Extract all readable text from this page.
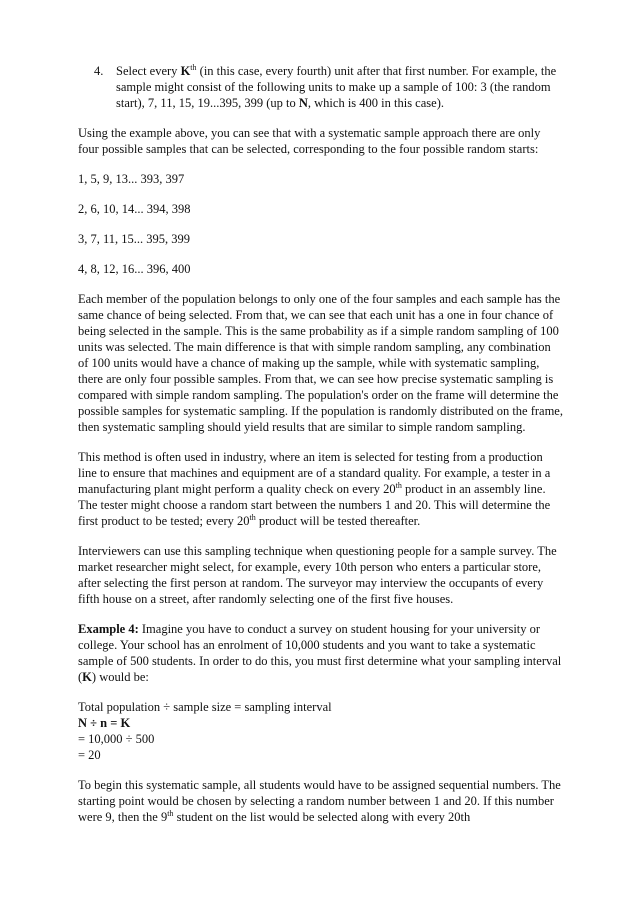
4. Select every $K^{th}$ (in this case, every fourth) unit after that first number. For example, the sample might consist of the following units to make up a sample of 100: 3 (the random start), 7, 11, 15, 19...395, 399 (up to N, which is 400 in this case).

Using the example above, you can see that with a systematic sample approach there are only four possible samples that can be selected, corresponding to the four possible random starts:

1, 5, 9, 13... 393, 397

2, 6, 10, 14... 394, 398

3, 7, 11, 15... 395, 399

4, 8, 12, 16... 396, 400

Each member of the population belongs to only one of the four samples and each sample has the same chance of being selected. From that, we can see that each unit has a one in four chance of being selected in the sample. This is the same probability as if a simple random sampling of 100 units was selected. The main difference is that with simple random sampling, any combination of 100 units would have a chance of making up the sample, while with systematic sampling, there are only four possible samples. From that, we can see how precise systematic sampling is compared with simple random sampling. The population's order on the frame will determine the possible samples for systematic sampling. If the population is randomly distributed on the frame, then systematic sampling should yield results that are similar to simple random sampling.

This method is often used in industry, where an item is selected for testing from a production line to ensure that machines and equipment are of a standard quality. For example, a tester in a manufacturing plant might perform a quality check on every 20th product in an assembly line. The tester might choose a random start between the numbers 1 and 20. This will determine the first product to be tested; every 20th product will be tested thereafter.

Interviewers can use this sampling technique when questioning people for a sample survey. The market researcher might select, for example, every 10th person who enters a particular store, after selecting the first person at random. The surveyor may interview the occupants of every fifth house on a street, after randomly selecting one of the first five houses.

Example 4: Imagine you have to conduct a survey on student housing for your university or college. Your school has an enrolment of 10,000 students and you want to take a systematic sample of 500 students. In order to do this, you must first determine what your sampling interval (K) would be:

Total population ÷ sample size = sampling interval
N ÷ n = K
= 10,000 ÷ 500
= 20

To begin this systematic sample, all students would have to be assigned sequential numbers. The starting point would be chosen by selecting a random number between 1 and 20. If this number were 9, then the 9th student on the list would be selected along with every 20th
